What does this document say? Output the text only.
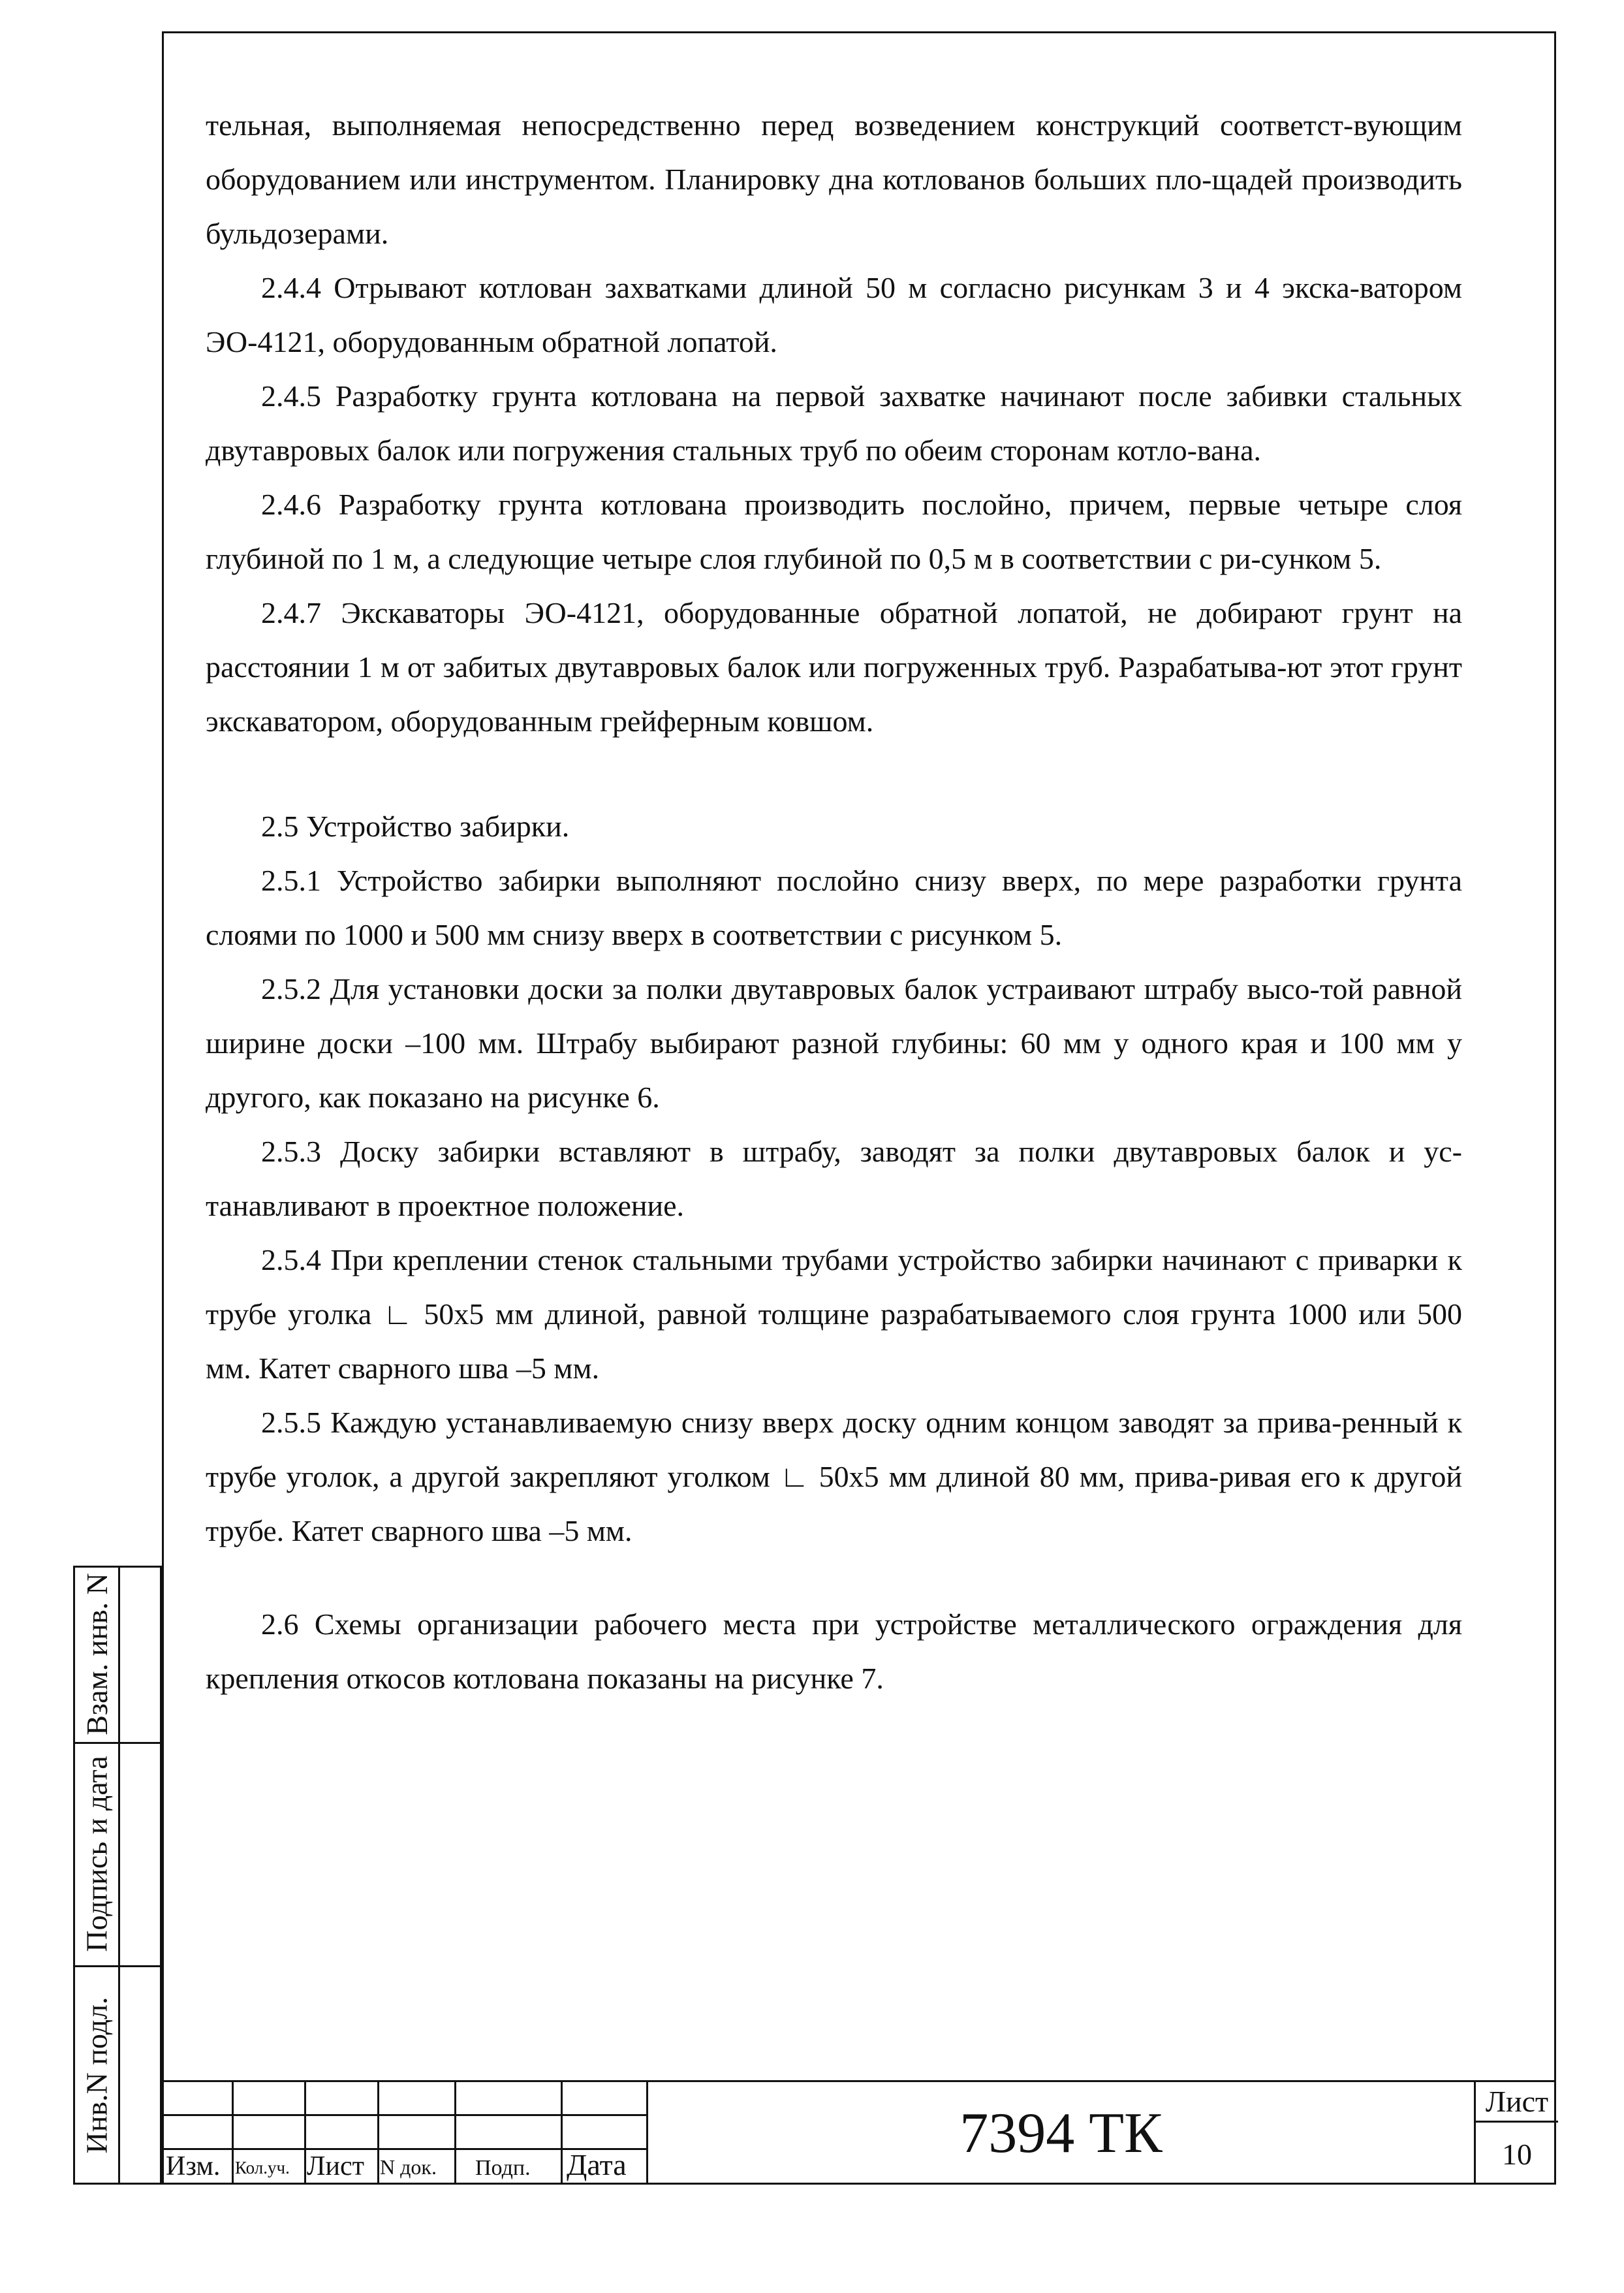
тельная, выполняемая непосредственно перед возведением конструкций соответст-вующим оборудованием или инструментом. Планировку дна котлованов больших пло-щадей производить бульдозерами.

2.4.4 Отрывают котлован захватками длиной 50 м согласно рисункам 3 и 4 экска-ватором ЭО-4121, оборудованным обратной лопатой.

2.4.5 Разработку грунта котлована на первой захватке начинают после забивки стальных двутавровых балок или погружения стальных труб по обеим сторонам котло-вана.

2.4.6 Разработку грунта котлована производить послойно, причем, первые четыре слоя глубиной по 1 м, а следующие четыре слоя глубиной по 0,5 м в соответствии с ри-сунком 5.

2.4.7 Экскаваторы ЭО-4121, оборудованные обратной лопатой, не добирают грунт на расстоянии 1 м от забитых двутавровых балок или погруженных труб. Разрабатыва-ют этот грунт экскаватором, оборудованным грейферным ковшом.

2.5 Устройство забирки.

2.5.1 Устройство забирки выполняют послойно снизу вверх, по мере разработки грунта слоями по 1000 и 500 мм снизу вверх в соответствии с рисунком 5.

2.5.2 Для установки доски за полки двутавровых балок устраивают штрабу высо-той равной ширине доски –100 мм. Штрабу выбирают разной глубины: 60 мм у одного края и 100 мм у другого, как показано на рисунке 6.

2.5.3 Доску забирки вставляют в штрабу, заводят за полки двутавровых балок и ус-танавливают в проектное положение.

2.5.4 При креплении стенок стальными трубами устройство забирки начинают с приварки к трубе уголка ∟ 50x5 мм длиной, равной толщине разрабатываемого слоя грунта 1000 или 500 мм. Катет сварного шва –5 мм.

2.5.5 Каждую устанавливаемую снизу вверх доску одним концом заводят за прива-ренный к трубе уголок, а другой закрепляют уголком ∟ 50x5 мм длиной 80 мм, прива-ривая его к другой трубе. Катет сварного шва –5 мм.

2.6 Схемы организации рабочего места при устройстве металлического ограждения для крепления откосов котлована показаны на рисунке 7.

Взам. инв. N
Подпись и дата
Инв.N подл.
Изм. Кол.уч. Лист N док. Подп. Дата	7394 ТК
Лист
10
